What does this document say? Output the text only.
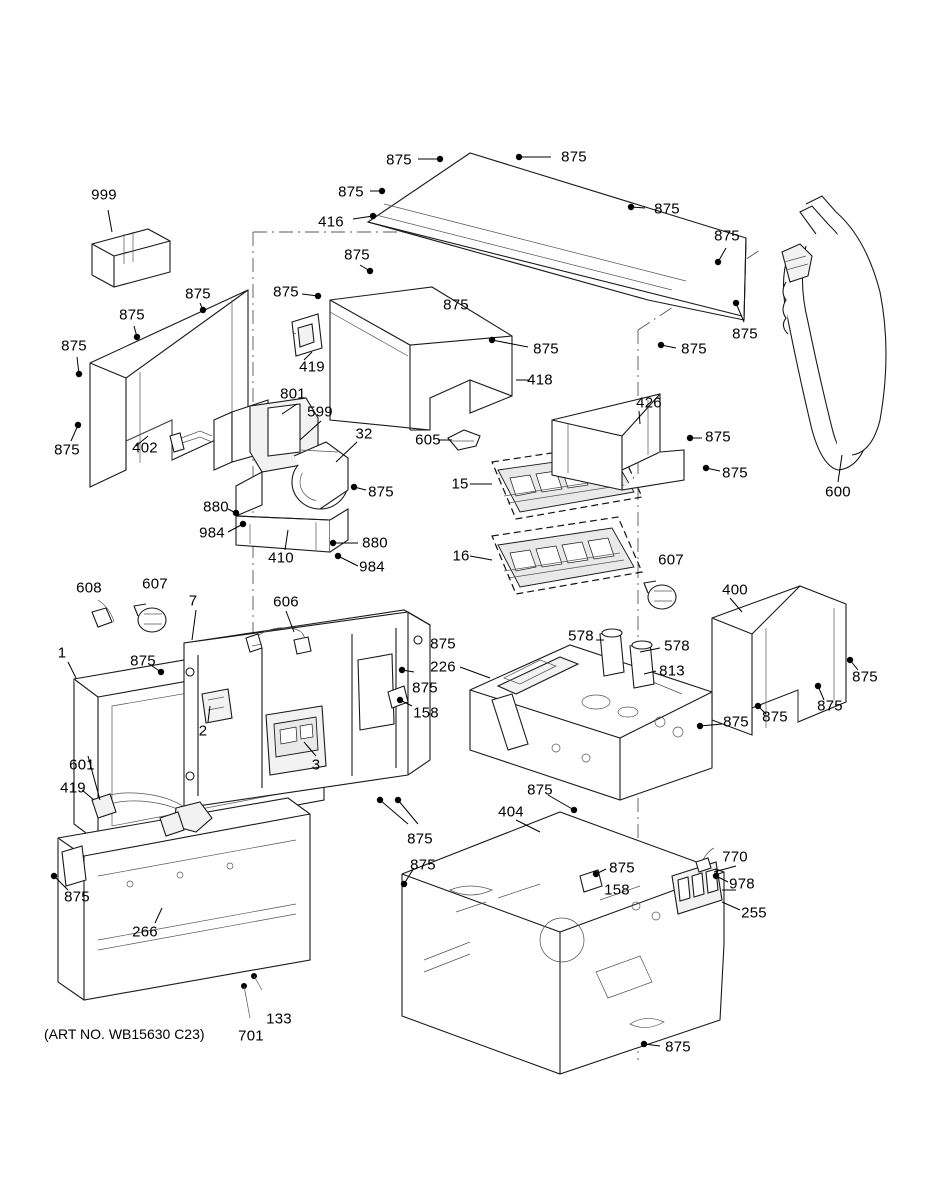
(ART NO. WB15630 C23)
999
875	875
875
416
875
875
875
875
875
875
875
875
875	875	875
419
418
801
426
599
402
875
32	605	875
875
15
875
880
984
410
880
984
16	607
608	607
7	606
400
578
578
875
226	813
1	875
875
875
158
2
875 875
875
3
601
419
404
875
875
875	770
875
875	158	978
255
266
133
701
600
875
